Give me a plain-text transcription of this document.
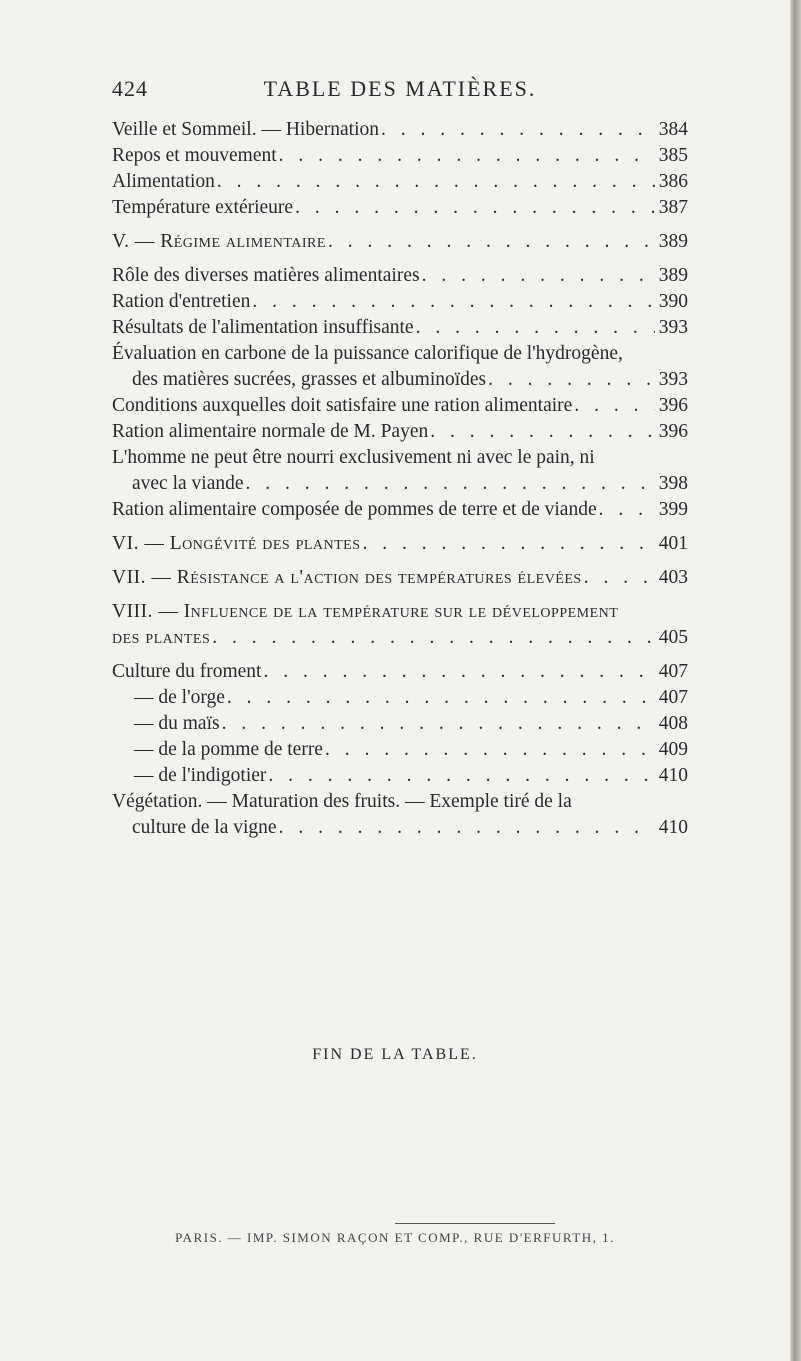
424	TABLE DES MATIÈRES.
Veille et Sommeil. — Hibernation . . .	384
Repos et mouvement . . .	385
Alimentation . . .	386
Température extérieure . . .	387
V. — Régime alimentaire . . .	389
Rôle des diverses matières alimentaires . . .	389
Ration d'entretien . . .	390
Résultats de l'alimentation insuffisante . . .	393
Évaluation en carbone de la puissance calorifique de l'hydrogène,
des matières sucrées, grasses et albuminoïdes . . .	393
Conditions auxquelles doit satisfaire une ration alimentaire . . .	396
Ration alimentaire normale de M. Payen . . .	396
L'homme ne peut être nourri exclusivement ni avec le pain, ni
avec la viande . . .	398
Ration alimentaire composée de pommes de terre et de viande . . .	399
VI. — Longévité des plantes . . .	401
VII. — Résistance a l'action des températures élevées . . .	403
VIII. — Influence de la température sur le développement
des plantes . . .	405
Culture du froment . . .	407
— de l'orge . . .	407
— du maïs . . .	408
— de la pomme de terre . . .	409
— de l'indigotier . . .	410
Végétation. — Maturation des fruits. — Exemple tiré de la
culture de la vigne . . .	410
FIN DE LA TABLE.
PARIS. — IMP. SIMON RAÇON ET COMP., RUE D'ERFURTH, 1.
